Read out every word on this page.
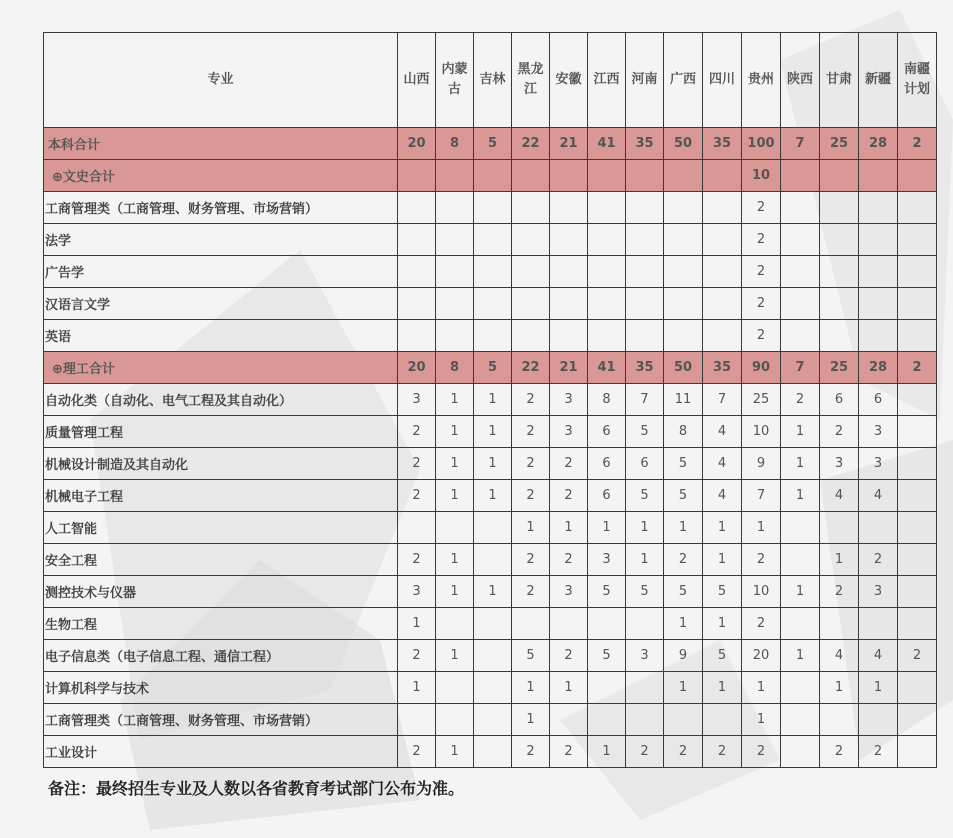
专业	山西	内蒙古	吉林	黑龙江	安徽	江西	河南	广西	四川	贵州	陕西	甘肃	新疆	南疆计划
本科合计	20	8	5	22	21	41	35	50	35	100	7	25	28	2
⊕文史合计										10				
工商管理类（工商管理、财务管理、市场营销）										2				
法学										2				
广告学										2				
汉语言文学										2				
英语										2				
⊕理工合计	20	8	5	22	21	41	35	50	35	90	7	25	28	2
自动化类（自动化、电气工程及其自动化）	3	1	1	2	3	8	7	11	7	25	2	6	6	
质量管理工程	2	1	1	2	3	6	5	8	4	10	1	2	3	
机械设计制造及其自动化	2	1	1	2	2	6	6	5	4	9	1	3	3	
机械电子工程	2	1	1	2	2	6	5	5	4	7	1	4	4	
人工智能				1	1	1	1	1	1	1				
安全工程	2	1		2	2	3	1	2	1	2		1	2	
测控技术与仪器	3	1	1	2	3	5	5	5	5	10	1	2	3	
生物工程	1							1	1	2				
电子信息类（电子信息工程、通信工程）	2	1		5	2	5	3	9	5	20	1	4	4	2
计算机科学与技术	1			1	1			1	1	1		1	1	
工商管理类（工商管理、财务管理、市场营销）				1						1				
工业设计	2	1		2	2	1	2	2	2	2		2	2	
备注：最终招生专业及人数以各省教育考试部门公布为准。
